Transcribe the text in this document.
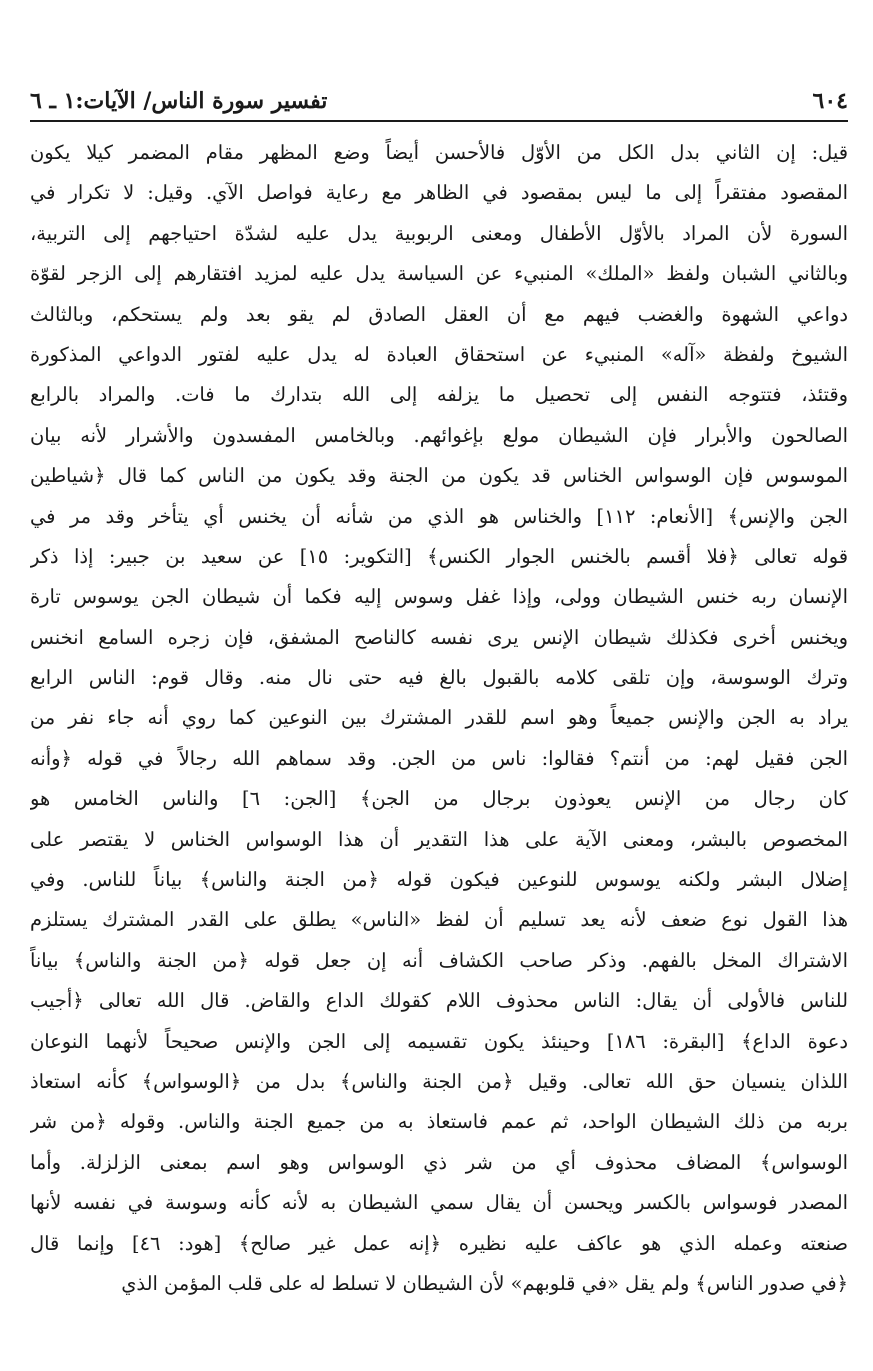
٦٠٤
تفسير سورة الناس/ الآيات:١ ـ ٦
قيل: إن الثاني بدل الكل من الأوّل فالأحسن أيضاً وضع المظهر مقام المضمر كيلا يكون
المقصود مفتقراً إلى ما ليس بمقصود في الظاهر مع رعاية فواصل الآي. وقيل: لا تكرار في
السورة لأن المراد بالأوّل الأطفال ومعنى الربوبية يدل عليه لشدّة احتياجهم إلى التربية،
وبالثاني الشبان ولفظ «الملك» المنبيء عن السياسة يدل عليه لمزيد افتقارهم إلى الزجر لقوّة
دواعي الشهوة والغضب فيهم مع أن العقل الصادق لم يقو بعد ولم يستحكم، وبالثالث
الشيوخ ولفظة «آله» المنبيء عن استحقاق العبادة له يدل عليه لفتور الدواعي المذكورة
وقتئذ، فتتوجه النفس إلى تحصيل ما يزلفه إلى الله بتدارك ما فات. والمراد بالرابع
الصالحون والأبرار فإن الشيطان مولع بإغوائهم. وبالخامس المفسدون والأشرار لأنه بيان
الموسوس فإن الوسواس الخناس قد يكون من الجنة وقد يكون من الناس كما قال ﴿شياطين
الجن والإنس﴾ [الأنعام: ١١٢] والخناس هو الذي من شأنه أن يخنس أي يتأخر وقد مر في
قوله تعالى ﴿فلا أقسم بالخنس الجوار الكنس﴾ [التكوير: ١٥] عن سعيد بن جبير: إذا ذكر
الإنسان ربه خنس الشيطان وولى، وإذا غفل وسوس إليه فكما أن شيطان الجن يوسوس تارة
ويخنس أخرى فكذلك شيطان الإنس يرى نفسه كالناصح المشفق، فإن زجره السامع انخنس
وترك الوسوسة، وإن تلقى كلامه بالقبول بالغ فيه حتى نال منه. وقال قوم: الناس الرابع
يراد به الجن والإنس جميعاً وهو اسم للقدر المشترك بين النوعين كما روي أنه جاء نفر من
الجن فقيل لهم: من أنتم؟ فقالوا: ناس من الجن. وقد سماهم الله رجالاً في قوله ﴿وأنه
كان رجال من الإنس يعوذون برجال من الجن﴾ [الجن: ٦] والناس الخامس هو
المخصوص بالبشر، ومعنى الآية على هذا التقدير أن هذا الوسواس الخناس لا يقتصر على
إضلال البشر ولكنه يوسوس للنوعين فيكون قوله ﴿من الجنة والناس﴾ بياناً للناس. وفي
هذا القول نوع ضعف لأنه يعد تسليم أن لفظ «الناس» يطلق على القدر المشترك يستلزم
الاشتراك المخل بالفهم. وذكر صاحب الكشاف أنه إن جعل قوله ﴿من الجنة والناس﴾ بياناً
للناس فالأولى أن يقال: الناس محذوف اللام كقولك الداع والقاض. قال الله تعالى ﴿أجيب
دعوة الداع﴾ [البقرة: ١٨٦] وحينئذ يكون تقسيمه إلى الجن والإنس صحيحاً لأنهما النوعان
اللذان ينسيان حق الله تعالى. وقيل ﴿من الجنة والناس﴾ بدل من ﴿الوسواس﴾ كأنه استعاذ
بربه من ذلك الشيطان الواحد، ثم عمم فاستعاذ به من جميع الجنة والناس. وقوله ﴿من شر
الوسواس﴾ المضاف محذوف أي من شر ذي الوسواس وهو اسم بمعنى الزلزلة. وأما
المصدر فوسواس بالكسر ويحسن أن يقال سمي الشيطان به لأنه كأنه وسوسة في نفسه لأنها
صنعته وعمله الذي هو عاكف عليه نظيره ﴿إنه عمل غير صالح﴾ [هود: ٤٦] وإنما قال
﴿في صدور الناس﴾ ولم يقل «في قلوبهم» لأن الشيطان لا تسلط له على قلب المؤمن الذي
